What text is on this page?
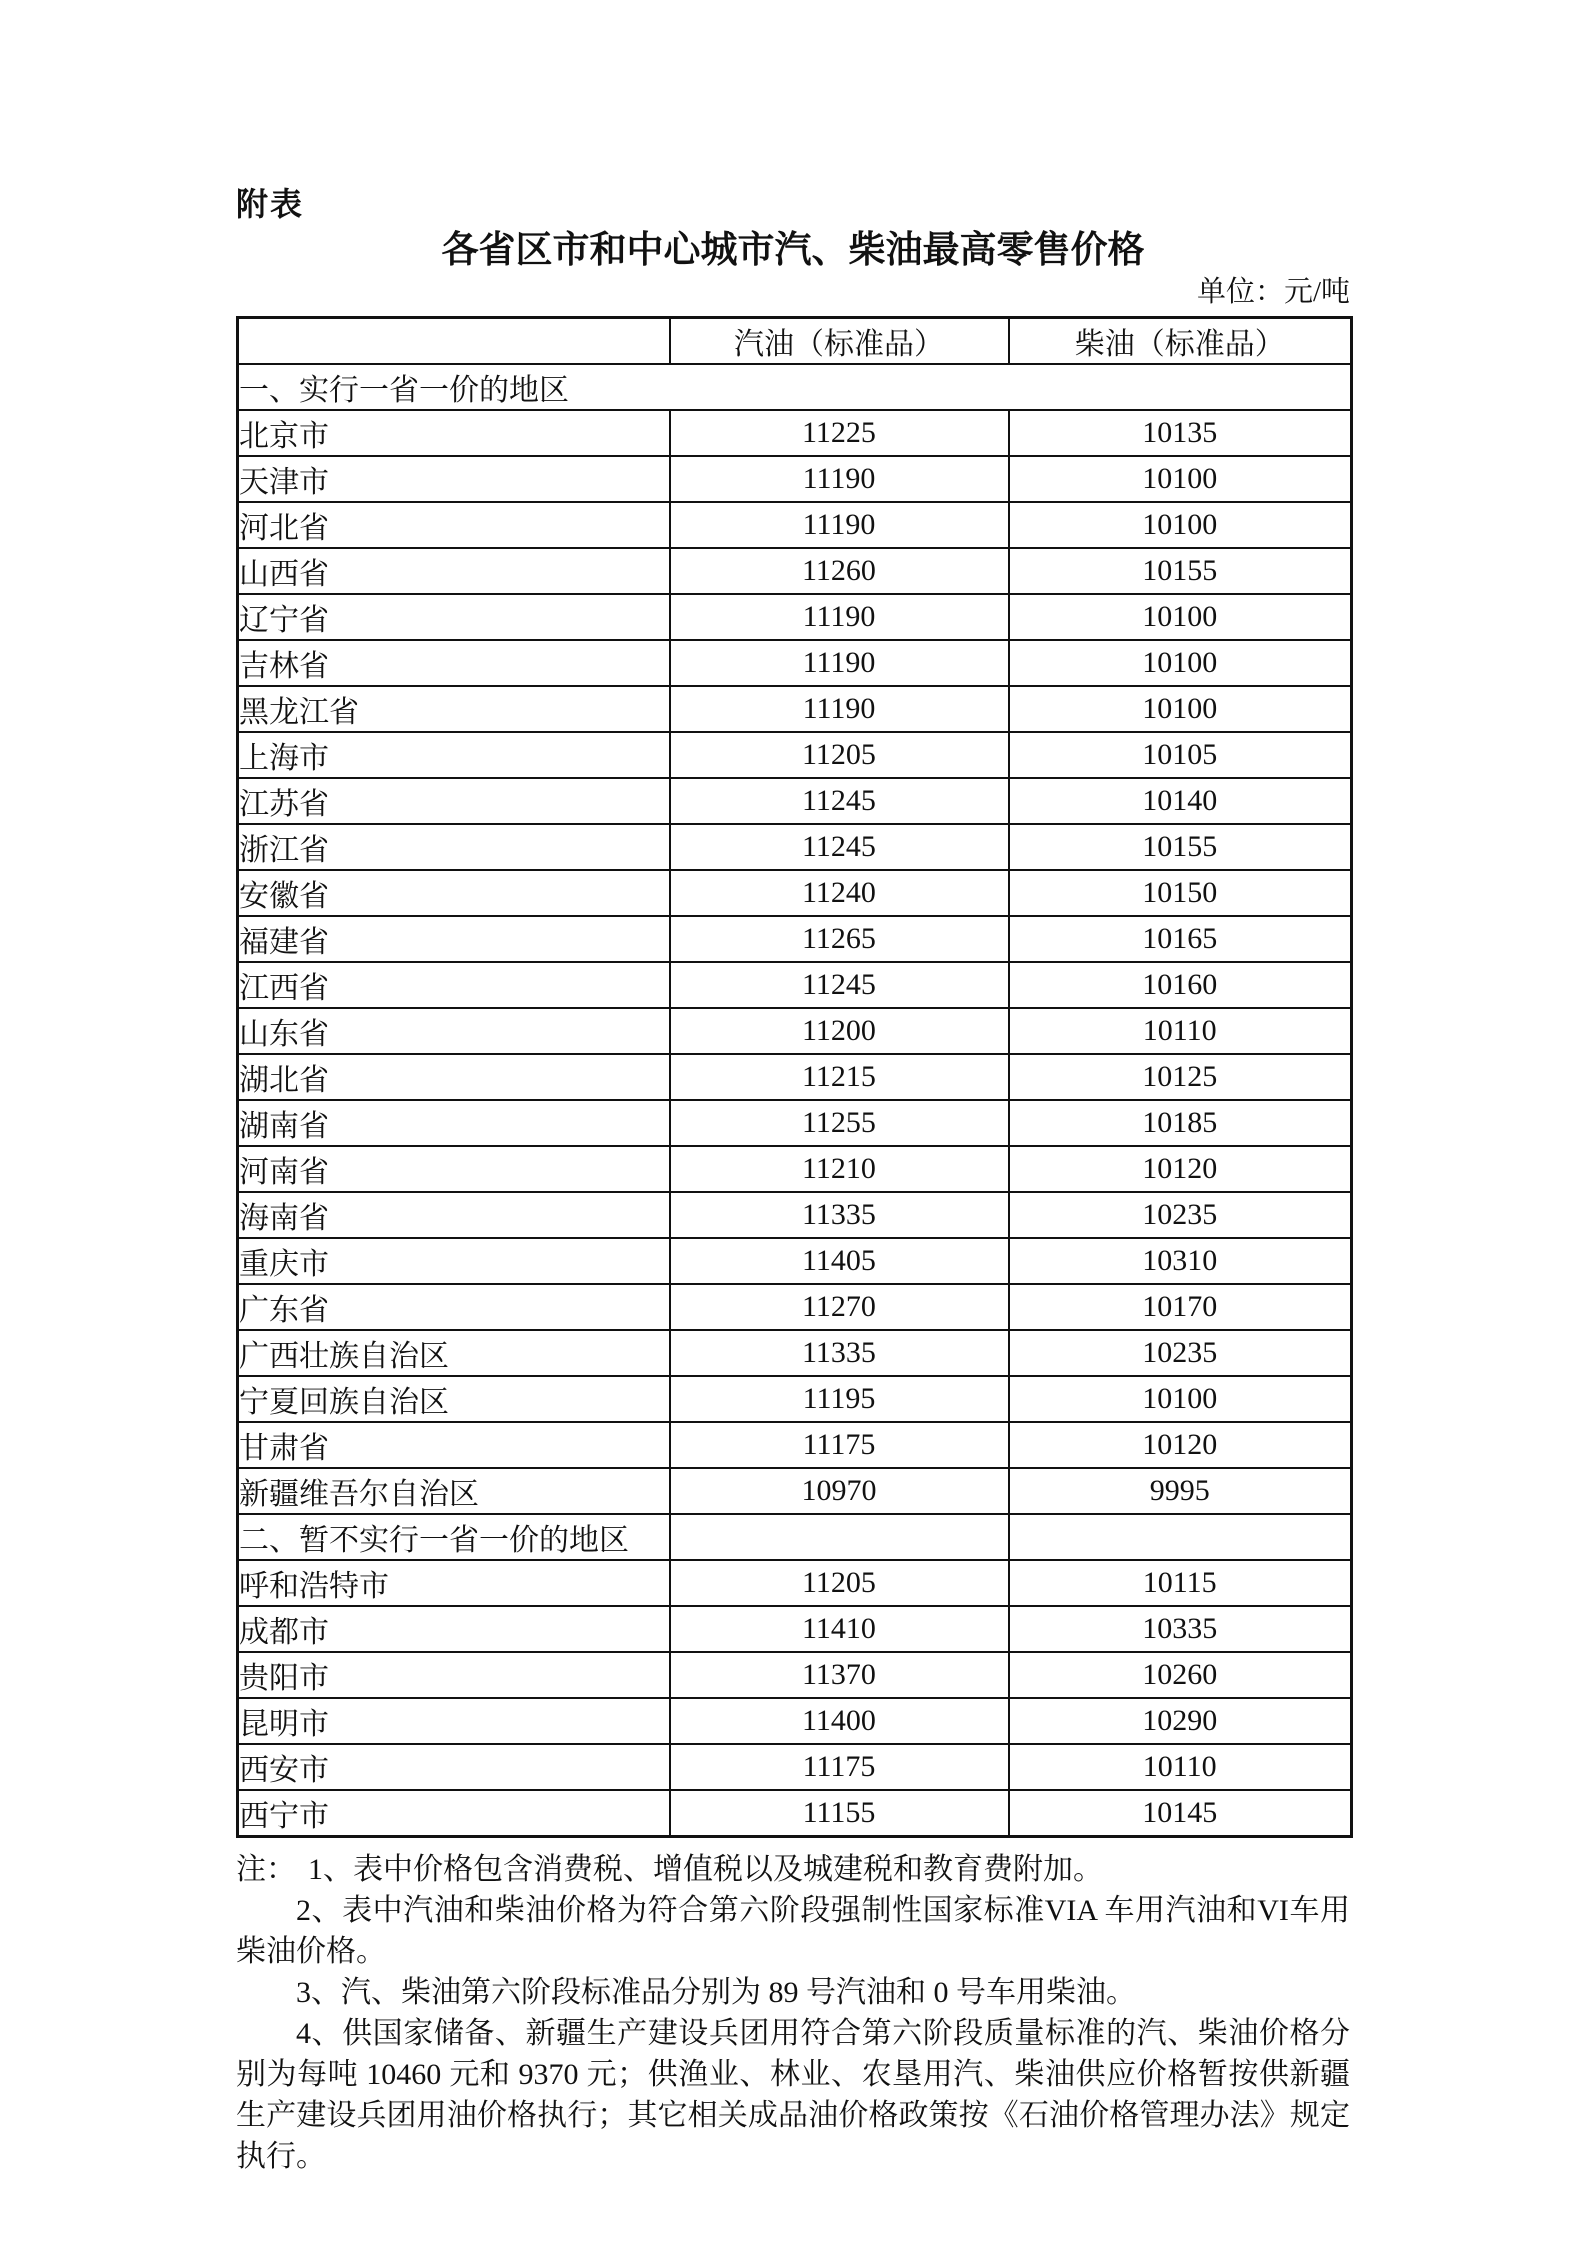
附表
各省区市和中心城市汽、柴油最高零售价格
单位：元/吨
	汽油（标准品）	柴油（标准品）
一、实行一省一价的地区		
北京市	11225	10135
天津市	11190	10100
河北省	11190	10100
山西省	11260	10155
辽宁省	11190	10100
吉林省	11190	10100
黑龙江省	11190	10100
上海市	11205	10105
江苏省	11245	10140
浙江省	11245	10155
安徽省	11240	10150
福建省	11265	10165
江西省	11245	10160
山东省	11200	10110
湖北省	11215	10125
湖南省	11255	10185
河南省	11210	10120
海南省	11335	10235
重庆市	11405	10310
广东省	11270	10170
广西壮族自治区	11335	10235
宁夏回族自治区	11195	10100
甘肃省	11175	10120
新疆维吾尔自治区	10970	9995
二、暂不实行一省一价的地区		
呼和浩特市	11205	10115
成都市	11410	10335
贵阳市	11370	10260
昆明市	11400	10290
西安市	11175	10110
西宁市	11155	10145

注： 1、表中价格包含消费税、增值税以及城建税和教育费附加。

2、表中汽油和柴油价格为符合第六阶段强制性国家标准VIA 车用汽油和VI车用柴油价格。

3、汽、柴油第六阶段标准品分别为 89 号汽油和 0 号车用柴油。

4、供国家储备、新疆生产建设兵团用符合第六阶段质量标准的汽、柴油价格分别为每吨 10460 元和 9370 元；供渔业、林业、农垦用汽、柴油供应价格暂按供新疆生产建设兵团用油价格执行；其它相关成品油价格政策按《石油价格管理办法》规定执行。
